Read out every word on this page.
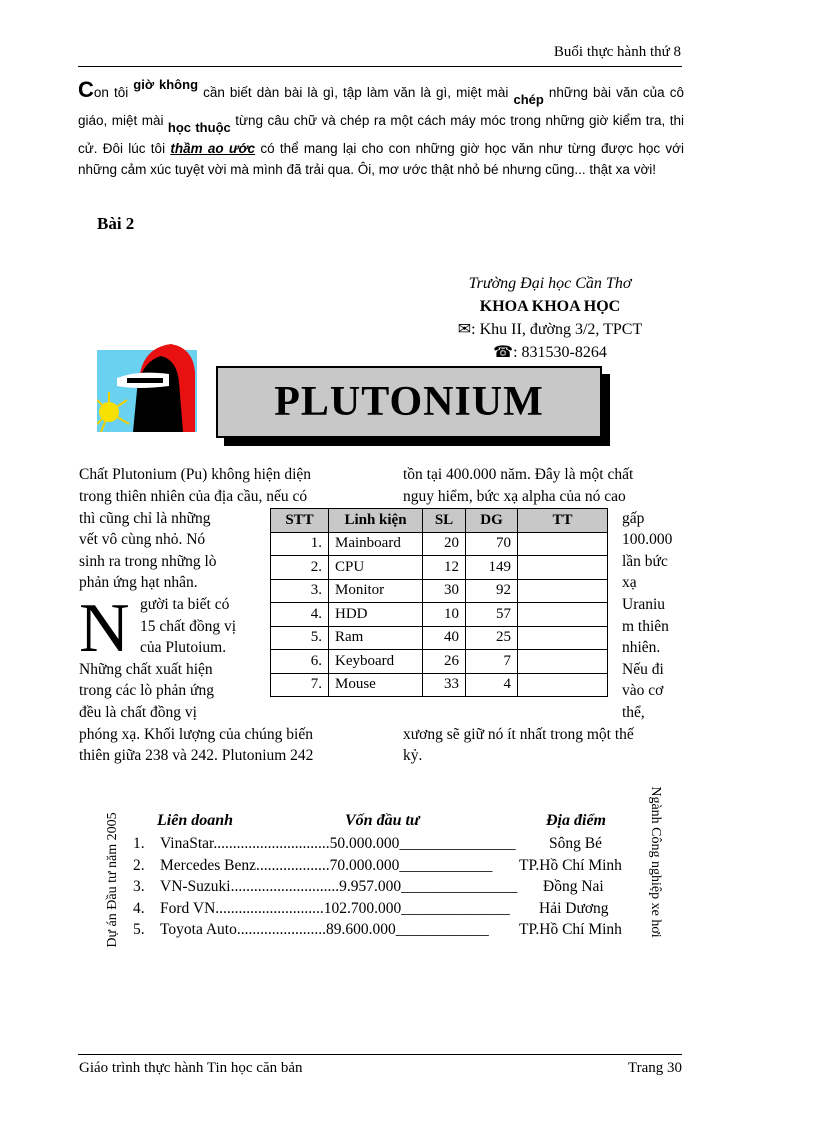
Buổi thực hành thứ 8
Con tôi giờ không cần biết dàn bài là gì, tập làm văn là gì, miệt mài chép những bài văn của cô giáo, miệt mài học thuộc từng câu chữ và chép ra một cách máy móc trong những giờ kiểm tra, thi cử. Đôi lúc tôi thầm ao ước có thể mang lại cho con những giờ học văn như từng được học với những cảm xúc tuyệt vời mà mình đã trải qua. Ôi, mơ ước thật nhỏ bé nhưng cũng... thật xa vời!
Bài 2
Trường Đại học Cần Thơ
KHOA KHOA HỌC
✉: Khu II, đường 3/2, TPCT
☎: 831530-8264
PLUTONIUM
Chất Plutonium (Pu) không hiện diện
trong thiên nhiên của địa cầu, nếu có
thì cũng chỉ là những
vết vô cùng nhỏ. Nó
sinh ra trong những lò
phản ứng hạt nhân.
N gười ta biết có
15 chất đồng vị
của Plutoium.
Những chất xuất hiện
trong các lò phản ứng
đều là chất đồng vị
phóng xạ. Khối lượng của chúng biến
thiên giữa 238 và 242. Plutonium 242
tồn tại 400.000 năm. Đây là một chất
nguy hiểm, bức xạ alpha của nó cao
gấp
100.000
lần bức
xạ
Uraniu
m thiên
nhiên.
Nếu đi
vào cơ
thể,
xương sẽ giữ nó ít nhất trong một thế
kỷ.
STT	Linh kiện	SL	DG	TT
1.	Mainboard	20	70	
2.	CPU	12	149	
3.	Monitor	30	92	
4.	HDD	10	57	
5.	Ram	40	25	
6.	Keyboard	26	7	
7.	Mouse	33	4	
Dự án Đầu tư năm 2005	Ngành Công nghiệp xe hơi
Liên doanh	Vốn đầu tư	Địa điểm
1. VinaStar..............................50.000.000_______________ Sông Bé
2. Mercedes Benz...................70.000.000____________ TP.Hồ Chí Minh
3. VN-Suzuki............................9.957.000_______________ Đồng Nai
4. Ford VN............................102.700.000______________ Hải Dương
5. Toyota Auto.......................89.600.000____________ TP.Hồ Chí Minh
Giáo trình thực hành Tin học căn bản	Trang 30
